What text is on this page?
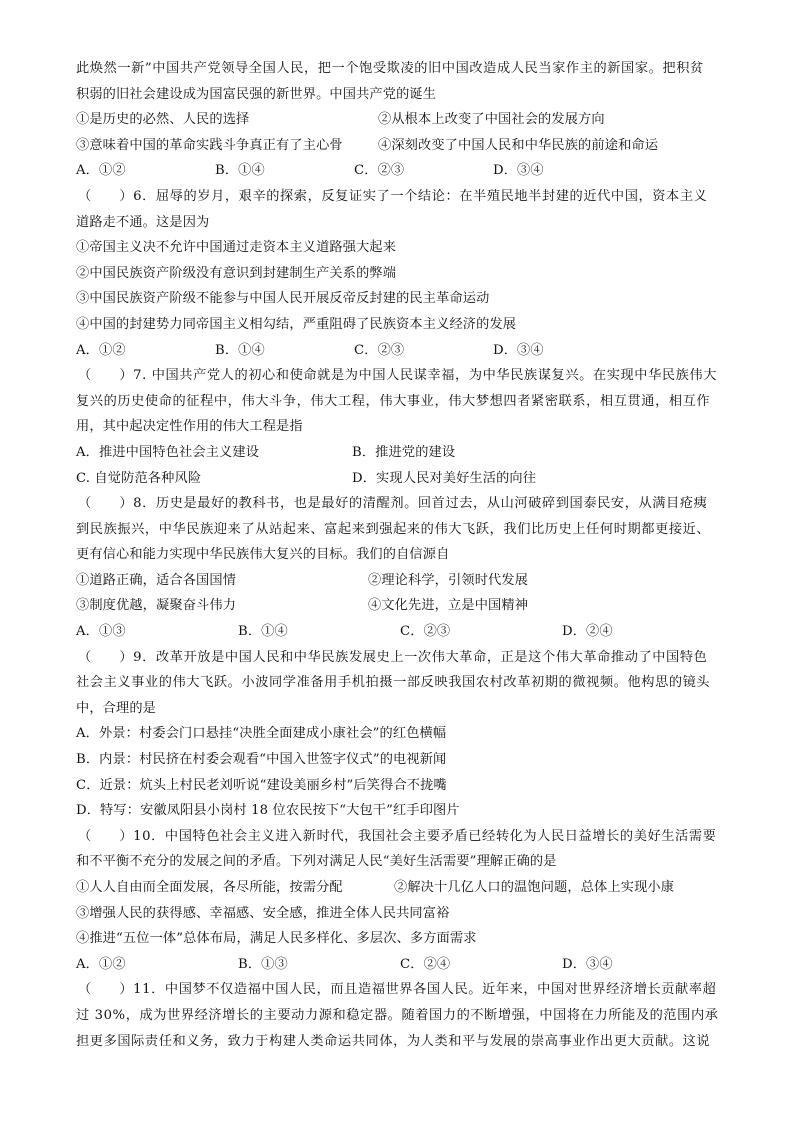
此焕然一新”中国共产党领导全国人民，把一个饱受欺凌的旧中国改造成人民当家作主的新国家。把积贫
积弱的旧社会建设成为国富民强的新世界。中国共产党的诞生
①是历史的必然、人民的选择	②从根本上改变了中国社会的发展方向
③意味着中国的革命实践斗争真正有了主心骨	④深刻改变了中国人民和中华民族的前途和命运
A．①②	B．①④	C．②③	D．③④
（　　）6．屈辱的岁月，艰辛的探索，反复证实了一个结论：在半殖民地半封建的近代中国，资本主义
道路走不通。这是因为
①帝国主义决不允许中国通过走资本主义道路强大起来
②中国民族资产阶级没有意识到封建制生产关系的弊端
③中国民族资产阶级不能参与中国人民开展反帝反封建的民主革命运动
④中国的封建势力同帝国主义相勾结，严重阻碍了民族资本主义经济的发展
A．①②	B．①④	C．②③	D．③④
（　　）7. 中国共产党人的初心和使命就是为中国人民谋幸福，为中华民族谋复兴。在实现中华民族伟大
复兴的历史使命的征程中，伟大斗争，伟大工程，伟大事业，伟大梦想四者紧密联系，相互贯通，相互作
用，其中起决定性作用的伟大工程是指
A．推进中国特色社会主义建设	B．推进党的建设
C. 自觉防范各种风险	D．实现人民对美好生活的向往
（　　）8．历史是最好的教科书，也是最好的清醒剂。回首过去，从山河破碎到国泰民安，从满目疮痍
到民族振兴，中华民族迎来了从站起来、富起来到强起来的伟大飞跃，我们比历史上任何时期都更接近、
更有信心和能力实现中华民族伟大复兴的目标。我们的自信源自
①道路正确，适合各国国情	②理论科学，引领时代发展
③制度优越，凝聚奋斗伟力	④文化先进，立是中国精神
A．①③	B．①④	C．②③	D．②④
（　　）9．改革开放是中国人民和中华民族发展史上一次伟大革命，正是这个伟大革命推动了中国特色
社会主义事业的伟大飞跃。小波同学准备用手机拍摄一部反映我国农村改革初期的微视频。他构思的镜头
中，合理的是
A．外景：村委会门口悬挂“决胜全面建成小康社会”的红色横幅
B．内景：村民挤在村委会观看“中国入世签字仪式”的电视新闻
C．近景：炕头上村民老刘听说“建设美丽乡村”后笑得合不拢嘴
D．特写：安徽凤阳县小岗村 18 位农民按下“大包干”红手印图片
（　　）10．中国特色社会主义进入新时代，我国社会主要矛盾已经转化为人民日益增长的美好生活需要
和不平衡不充分的发展之间的矛盾。下列对满足人民“美好生活需要”理解正确的是
①人人自由而全面发展，各尽所能，按需分配	②解决十几亿人口的温饱问题，总体上实现小康
③增强人民的获得感、幸福感、安全感，推进全体人民共同富裕
④推进“五位一体”总体布局，满足人民多样化、多层次、多方面需求
A．①②	B．①③	C．②④	D．③④
（　　）11．中国梦不仅造福中国人民，而且造福世界各国人民。近年来，中国对世界经济增长贡献率超
过 30%，成为世界经济增长的主要动力源和稳定器。随着国力的不断增强，中国将在力所能及的范围内承
担更多国际责任和义务，致力于构建人类命运共同体，为人类和平与发展的崇高事业作出更大贡献。这说
